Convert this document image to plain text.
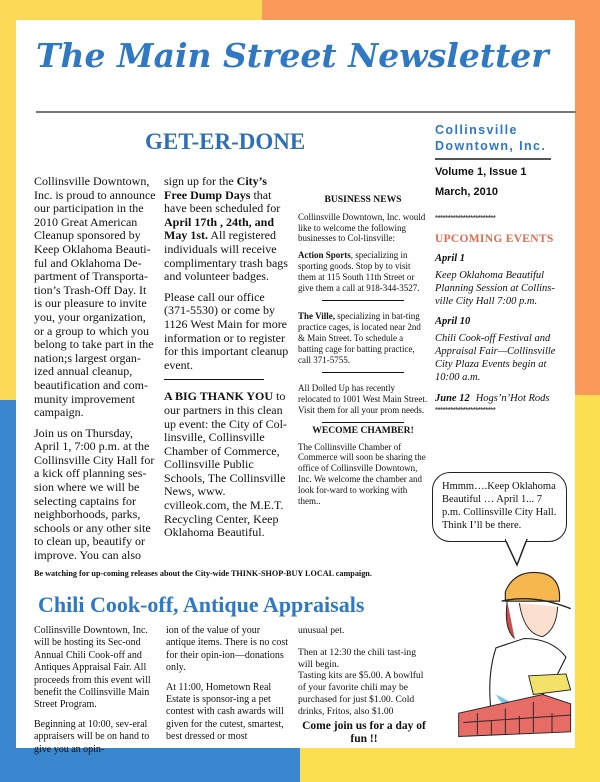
The Main Street Newsletter
GET-ER-DONE

Collinsville Downtown, Inc. is proud to announce our participation in the 2010 Great American Cleanup sponsored by Keep Oklahoma Beauti-ful and Oklahoma De-partment of Transporta-tion’s Trash-Off Day. It is our pleasure to invite you, your organization, or a group to which you belong to take part in the nation;s largest organ-ized annual cleanup, beautification and com-munity improvement campaign.

Join us on Thursday, April 1, 7:00 p.m. at the Collinsville City Hall for a kick off planning ses-sion where we will be selecting captains for neighborhoods, parks, schools or any other site to clean up, beautify or improve. You can also

sign up for the City’s Free Dump Days that have been scheduled for April 17th , 24th, and May 1st. All registered individuals will receive complimentary trash bags and volunteer badges.

Please call our office (371-5530) or come by 1126 West Main for more information or to register for this important cleanup event.

A BIG THANK YOU to our partners in this clean up event: the City of Col-linsville, Collinsville Chamber of Commerce, Collinsville Public Schools, The Collinsville News, www. cvilleok.com, the M.E.T. Recycling Center, Keep Oklahoma Beautiful.

BUSINESS NEWS

Collinsville Downtown, Inc. would like to welcome the following businesses to Col-linsville:

Action Sports, specializing in sporting goods. Stop by to visit them at 115 South 11th Street or give them a call at 918-344-3527.

The Ville, specializing in bat-ting practice cages, is located near 2nd & Main Street. To schedule a batting cage for batting practice, call 371-5755.

All Dolled Up has recently relocated to 1001 West Main Street. Visit them for all your prom needs.

WECOME CHAMBER!

The Collinsville Chamber of Commerce will soon be sharing the office of Collinsville Downtown, Inc. We welcome the chamber and look for-ward to working with them..

Collinsville Downtown, Inc.
Volume 1, Issue 1
March, 2010
************************
UPCOMING EVENTS
April 1
Keep Oklahoma Beautiful Planning Session at Collins-ville City Hall 7:00 p.m.
April 10
Chili Cook-off Festival and Appraisal Fair—Collinsville City Plaza Events begin at 10:00 a.m.
June 12 Hogs’n’Hot Rods
************************
Hmmm….Keep Oklahoma Beautiful … April 1... 7 p.m. Collinsville City Hall. Think I’ll be there.
Be watching for up-coming releases about the City-wide THINK-SHOP-BUY LOCAL campaign.
Chili Cook-off, Antique Appraisals

Collinsville Downtown, Inc. will be hosting its Sec-ond Annual Chili Cook-off and Antiques Appraisal Fair. All proceeds from this event will benefit the Collinsville Main Street Program.

Beginning at 10:00, sev-eral appraisers will be on hand to give you an opin-

ion of the value of your antique items. There is no cost for their opin-ion—donations only.

At 11:00, Hometown Real Estate is sponsor-ing a pet contest with cash awards will given for the cutest, smartest, best dressed or most

unusual pet.

Then at 12:30 the chili tast-ing will begin.

Tasting kits are $5.00. A bowlful of your favorite chili may be purchased for just $1.00. Cold drinks, Fritos, also $1.00

Come join us for a day of fun !!
